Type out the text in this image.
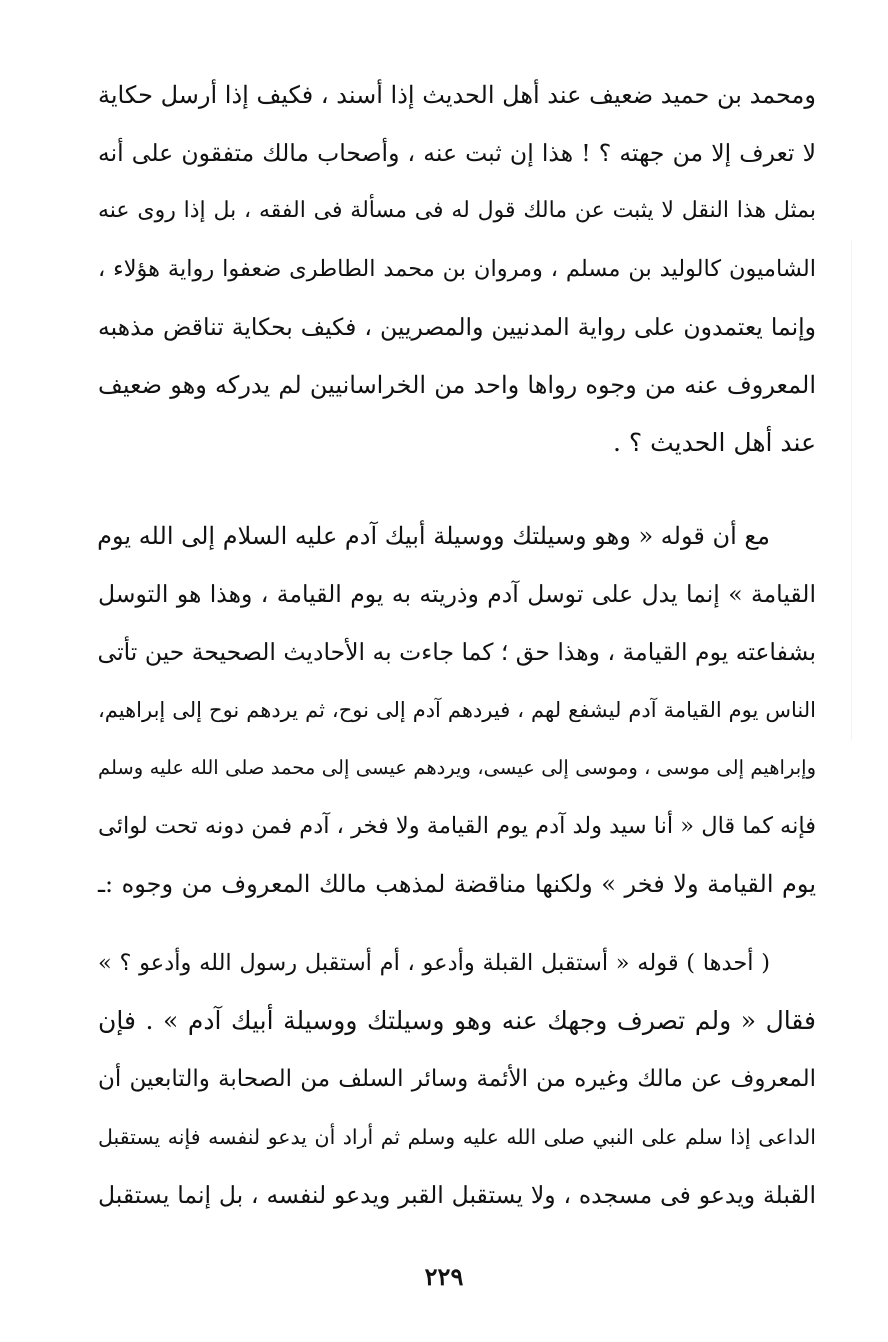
ومحمد بن حميد ضعيف عند أهل الحديث إذا أسند ، فكيف إذا أرسل حكاية
لا تعرف إلا من جهته ؟ ! هذا إن ثبت عنه ، وأصحاب مالك متفقون على أنه
بمثل هذا النقل لا يثبت عن مالك قول له فى مسألة فى الفقه ، بل إذا روى عنه
الشاميون كالوليد بن مسلم ، ومروان بن محمد الطاطرى ضعفوا رواية هؤلاء ،
وإنما يعتمدون على رواية المدنيين والمصريين ، فكيف بحكاية تناقض مذهبه
المعروف عنه من وجوه رواها واحد من الخراسانيين لم يدركه وهو ضعيف
عند أهل الحديث ؟ .
مع أن قوله « وهو وسيلتك ووسيلة أبيك آدم عليه السلام إلى الله يوم
القيامة » إنما يدل على توسل آدم وذريته به يوم القيامة ، وهذا هو التوسل
بشفاعته يوم القيامة ، وهذا حق ؛ كما جاءت به الأحاديث الصحيحة حين تأتى
الناس يوم القيامة آدم ليشفع لهم ، فيردهم آدم إلى نوح، ثم يردهم نوح إلى إبراهيم،
وإبراهيم إلى موسى ، وموسى إلى عيسى، ويردهم عيسى إلى محمد صلى الله عليه وسلم
فإنه كما قال « أنا سيد ولد آدم يوم القيامة ولا فخر ، آدم فمن دونه تحت لوائى
يوم القيامة ولا فخر » ولكنها مناقضة لمذهب مالك المعروف من وجوه :ـ
( أحدها ) قوله « أستقبل القبلة وأدعو ، أم أستقبل رسول الله وأدعو ؟ »
فقال « ولم تصرف وجهك عنه وهو وسيلتك ووسيلة أبيك آدم » . فإن
المعروف عن مالك وغيره من الأئمة وسائر السلف من الصحابة والتابعين أن
الداعى إذا سلم على النبي صلى الله عليه وسلم ثم أراد أن يدعو لنفسه فإنه يستقبل
القبلة ويدعو فى مسجده ، ولا يستقبل القبر ويدعو لنفسه ، بل إنما يستقبل
٢٢٩
